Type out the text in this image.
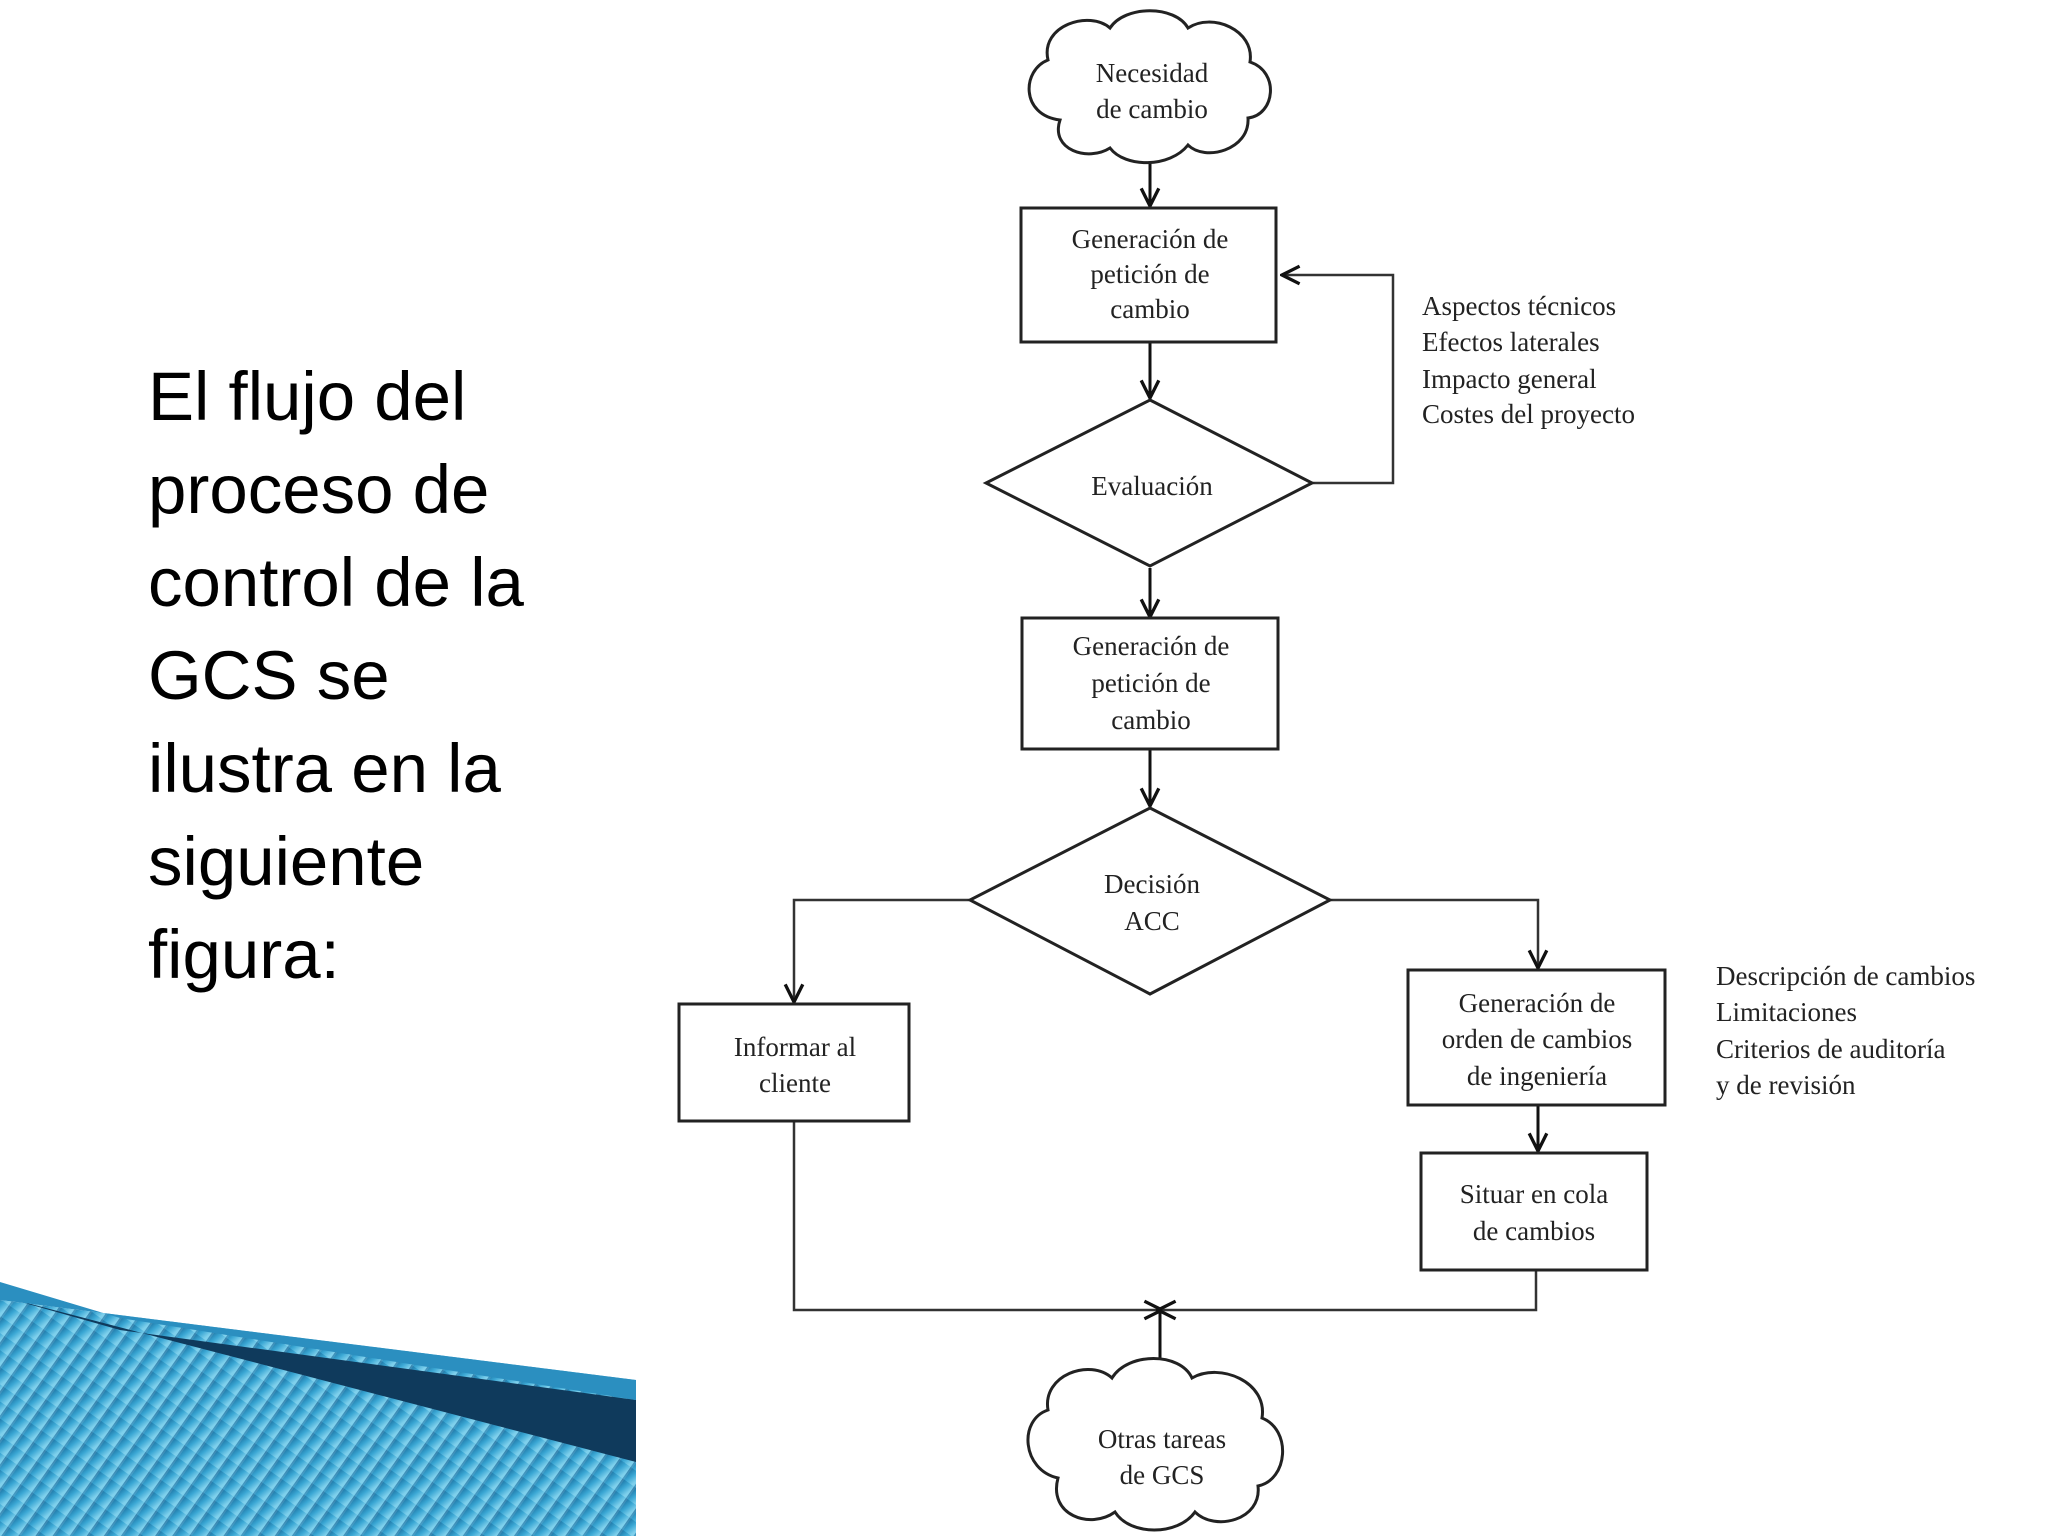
El flujo del
proceso de
control de la
GCS se
ilustra en la
siguiente
figura:
Necesidad
de cambio
Generación de
petición de
cambio
Evaluación
Aspectos técnicos
Efectos laterales
Impacto general
Costes del proyecto
Generación de
petición de
cambio
Decisión
ACC
Informar al
cliente
Generación de
orden de cambios
de ingeniería
Descripción de cambios
Limitaciones
Criterios de auditoría
y de revisión
Situar en cola
de cambios
Otras tareas
de GCS
